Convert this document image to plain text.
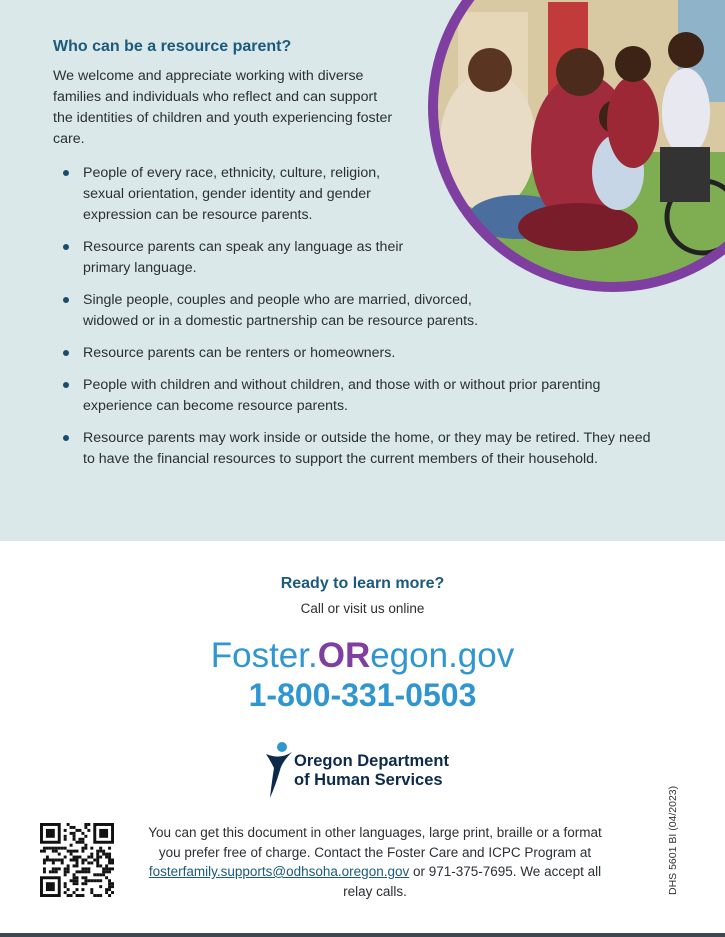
Who can be a resource parent?

We welcome and appreciate working with diverse families and individuals who reflect and can support the identities of children and youth experiencing foster care.

People of every race, ethnicity, culture, religion, sexual orientation, gender identity and gender expression can be resource parents.
Resource parents can speak any language as their primary language.
Single people, couples and people who are married, divorced, widowed or in a domestic partnership can be resource parents.
Resource parents can be renters or homeowners.
People with children and without children, and those with or without prior parenting experience can become resource parents.
Resource parents may work inside or outside the home, or they may be retired. They need to have the financial resources to support the current members of their household.
Ready to learn more?
Call or visit us online
Foster.ORegon.gov
1-800-331-0503
Oregon Department
of Human Services

You can get this document in other languages, large print, braille or a format you prefer free of charge. Contact the Foster Care and ICPC Program at fosterfamily.supports@odhsoha.oregon.gov or 971-375-7695. We accept all relay calls.	DHS 5601 BI (04/2023)
